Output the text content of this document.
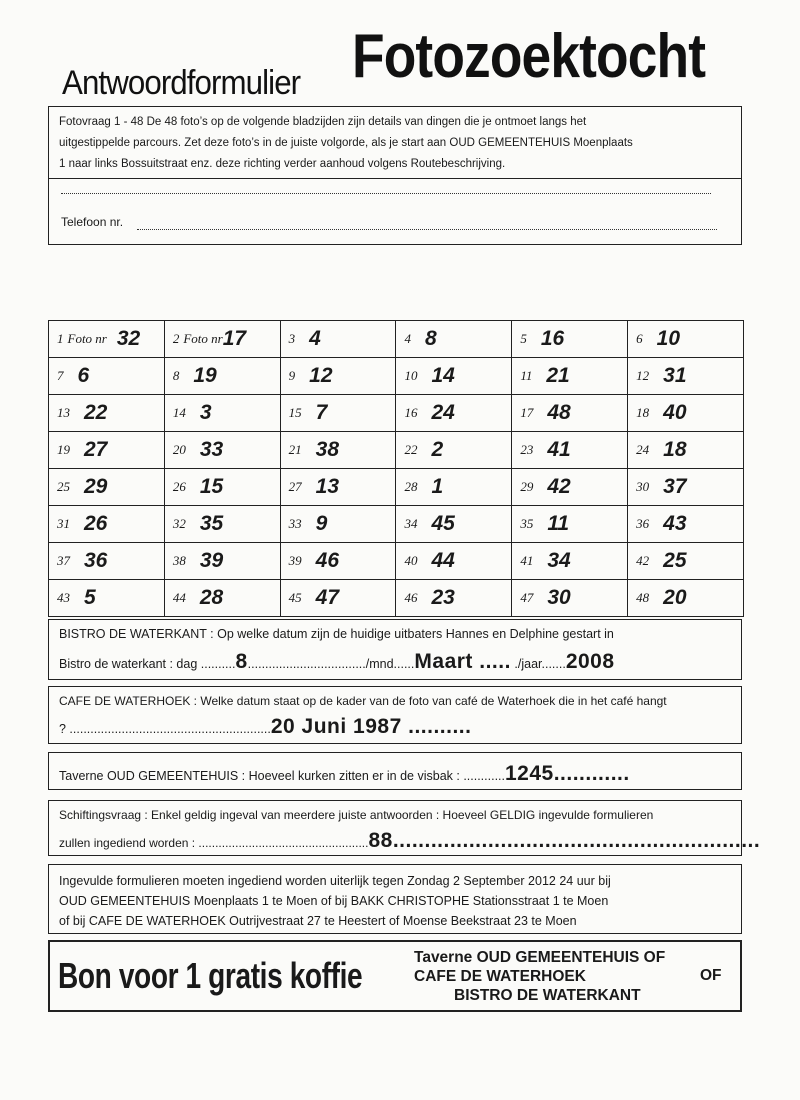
Antwoordformulier Fotozoektocht
Fotovraag 1 - 48 De 48 foto’s op de volgende bladzijden zijn details van dingen die je ontmoet langs het
uitgestippelde parcours. Zet deze foto’s in de juiste volgorde, als je start aan OUD GEMEENTEHUIS Moenplaats
1 naar links Bossuitstraat enz. deze richting verder aanhoud volgens Routebeschrijving.
Telefoon nr.
1 Foto nr 32	2 Foto nr17	3 4	4 8	5 16	6 10
7 6	8 19	9 12	10 14	11 21	12 31
13 22	14 3	15 7	16 24	17 48	18 40
19 27	20 33	21 38	22 2	23 41	24 18
25 29	26 15	27 13	28 1	29 42	30 37
31 26	32 35	33 9	34 45	35 11	36 43
37 36	38 39	39 46	40 44	41 34	42 25
43 5	44 28	45 47	46 23	47 30	48 20
BISTRO DE WATERKANT : Op welke datum zijn de huidige uitbaters Hannes en Delphine gestart in
Bistro de waterkant : dag ..........8................................../mnd......Maart ..... ./jaar.......2008
CAFE DE WATERHOEK : Welke datum staat op de kader van de foto van café de Waterhoek die in het café hangt
? ..........................................................20 Juni 1987 ..........
Taverne OUD GEMEENTEHUIS : Hoeveel kurken zitten er in de visbak : ............1245............
Schiftingsvraag : Enkel geldig ingeval van meerdere juiste antwoorden : Hoeveel GELDIG ingevulde formulieren
zullen ingediend worden : ...................................................88..........................................................
Ingevulde formulieren moeten ingediend worden uiterlijk tegen Zondag 2 September 2012 24 uur bij
OUD GEMEENTEHUIS Moenplaats 1 te Moen of bij BAKK CHRISTOPHE Stationsstraat 1 te Moen
of bij CAFE DE WATERHOEK Outrijvestraat 27 te Heestert of Moense Beekstraat 23 te Moen
Bon voor 1 gratis koffie	Taverne OUD GEMEENTEHUIS OF
CAFE DE WATERHOEK
BISTRO DE WATERKANT
OF
